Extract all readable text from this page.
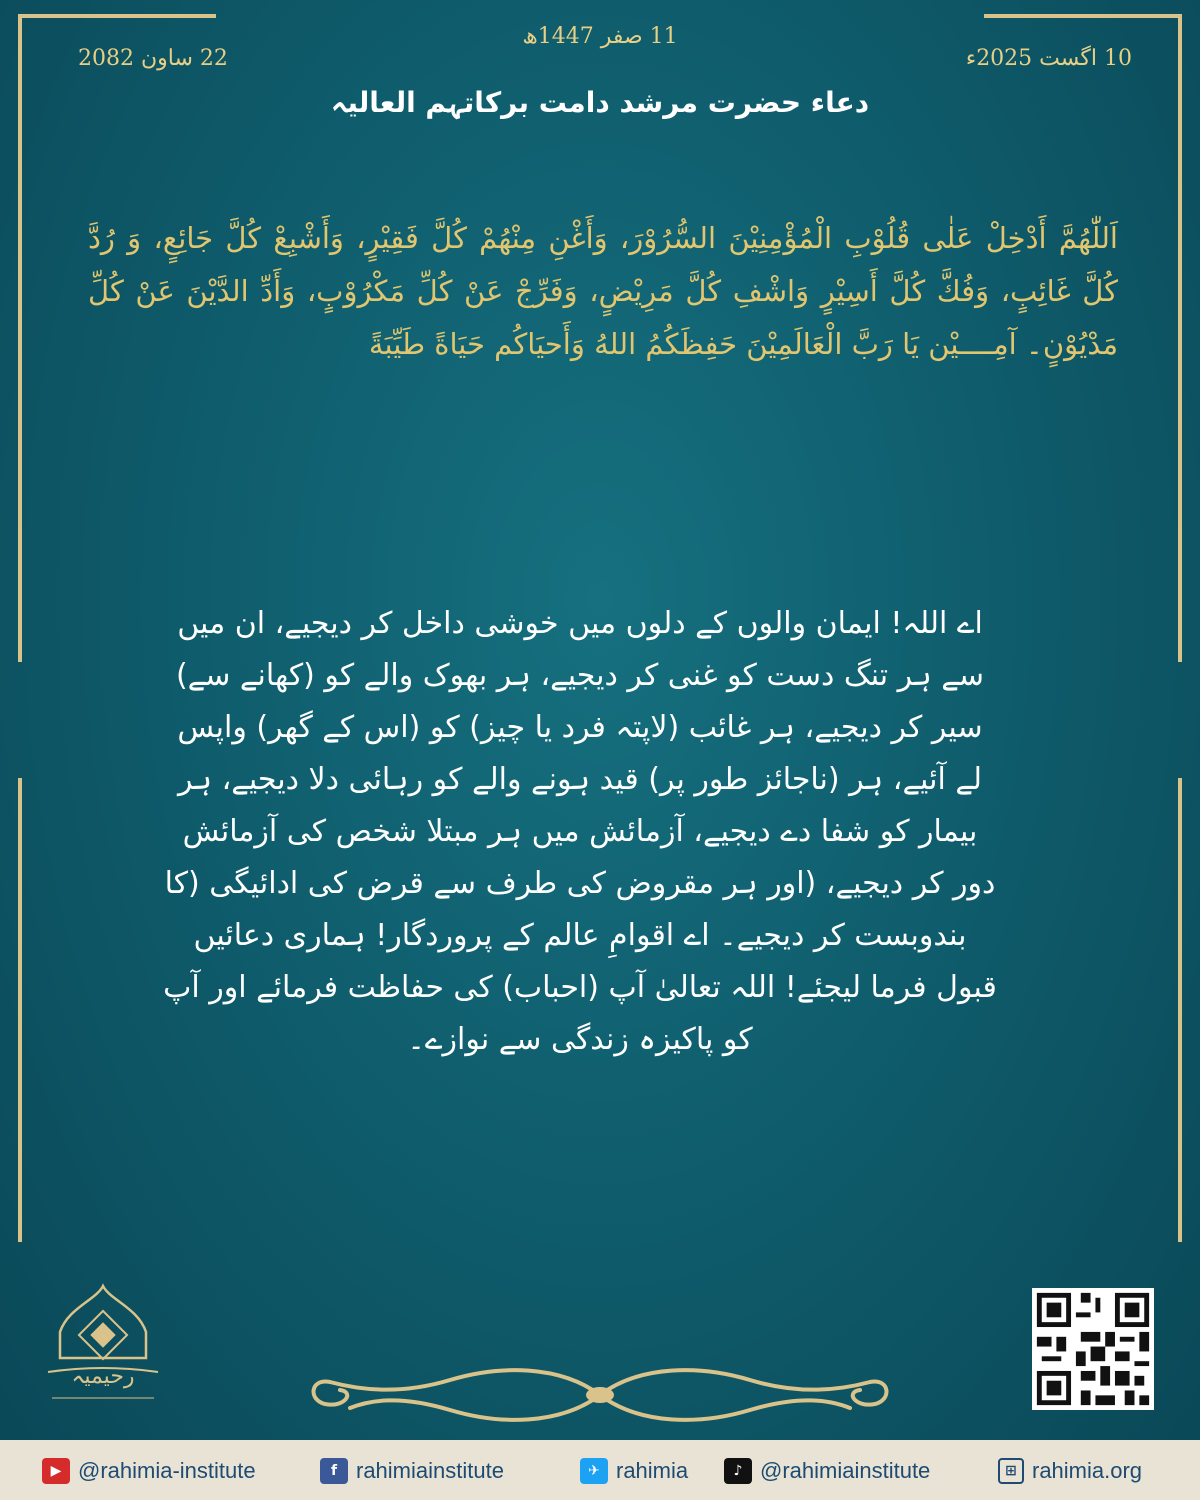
11 صفر 1447ھ
10 اگست 2025ء
22 ساون 2082
دعاء حضرت مرشد دامت برکاتہم العالیہ
اَللّٰهُمَّ أَدْخِلْ عَلٰى قُلُوْبِ الْمُؤْمِنِيْنَ السُّرُوْرَ، وَأَغْنِ مِنْهُمْ كُلَّ فَقِيْرٍ، وَأَشْبِعْ كُلَّ جَائِعٍ، وَ رُدَّ كُلَّ غَائِبٍ، وَفُكَّ كُلَّ أَسِيْرٍ وَاشْفِ كُلَّ مَرِيْضٍ، وَفَرِّجْ عَنْ كُلِّ مَكْرُوْبٍ، وَأَدِّ الدَّيْنَ عَنْ كُلِّ مَدْيُوْنٍ۔ آمِــــيْن يَا رَبَّ الْعَالَمِيْنَ حَفِظَكُمُ اللهُ وَأَحيَاكُم حَيَاةً طَيِّبَةً
اے اللہ! ایمان والوں کے دلوں میں خوشی داخل کر دیجیے، ان میں سے ہر تنگ دست کو غنی کر دیجیے، ہر بھوک والے کو (کھانے سے) سیر کر دیجیے، ہر غائب (لاپتہ فرد یا چیز) کو (اس کے گھر) واپس لے آئیے، ہر (ناجائز طور پر) قید ہونے والے کو رہائی دلا دیجیے، ہر بیمار کو شفا دے دیجیے، آزمائش میں ہر مبتلا شخص کی آزمائش دور کر دیجیے، (اور ہر مقروض کی طرف سے قرض کی ادائیگی (کا بندوبست کر دیجیے۔ اے اقوامِ عالم کے پروردگار! ہماری دعائیں قبول فرما لیجئے! اللہ تعالیٰ آپ (احباب) کی حفاظت فرمائے اور آپ کو پاکیزہ زندگی سے نوازے۔
رحیمیہ
▶ @rahimia-institute	f rahimiainstitute	✈ rahimia	♪ @rahimiainstitute	⊞ rahimia.org
